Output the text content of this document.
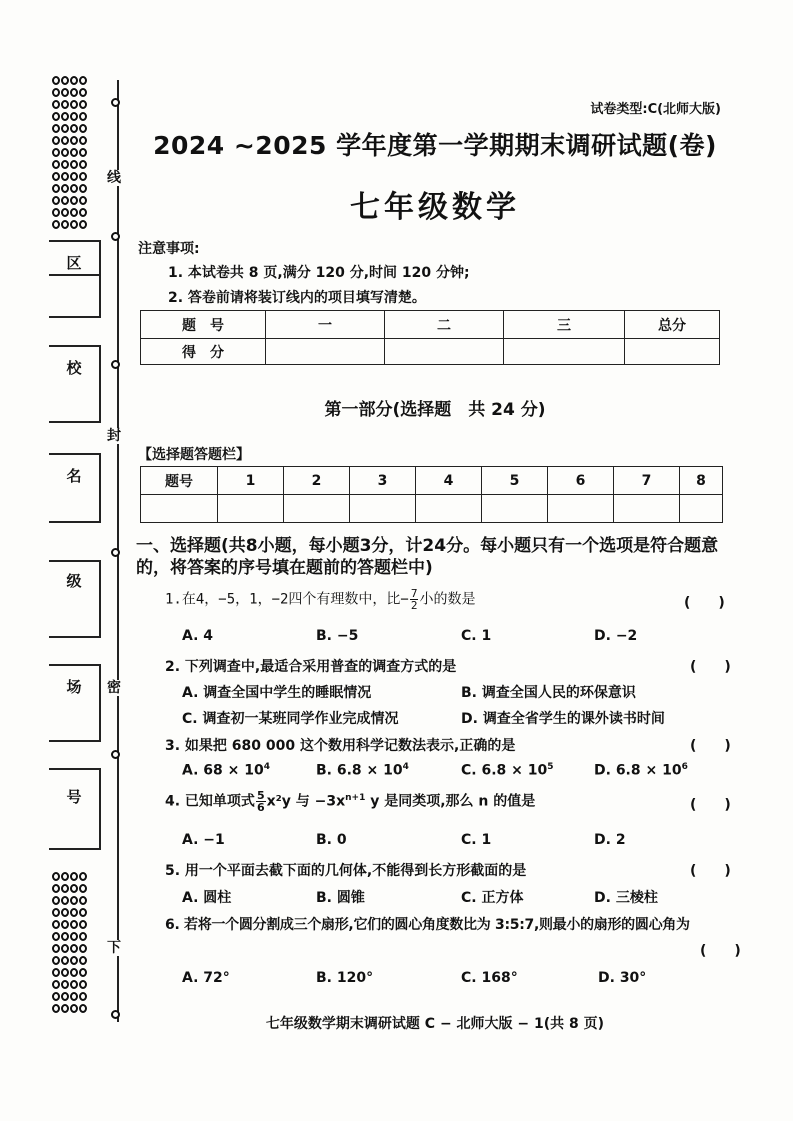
线
封
密
下
区
校
名
级
场
号
试卷类型:C(北师大版)
2024 ~2025 学年度第一学期期末调研试题(卷)
七年级数学
注意事项:
1. 本试卷共 8 页,满分 120 分,时间 120 分钟;
2. 答卷前请将装订线内的项目填写清楚。
题　号	一	二	三	总分
得　分				
第一部分(选择题　共 24 分)
【选择题答题栏】
题号	1	2	3	4	5	6	7	8

一、选择题(共8小题，每小题3分，计24分。每小题只有一个选项是符合题意的，将答案的序号填在题前的答题栏中)
1.在4，−5，1，−2四个有理数中，比− $\frac{7}{2}$ 小的数是	(　　)
A. 4	B. −5	C. 1	D. −2
2. 下列调查中,最适合采用普查的调查方式的是	(　　)
A. 调查全国中学生的睡眠情况	B. 调查全国人民的环保意识
C. 调查初一某班同学作业完成情况	D. 调查全省学生的课外读书时间
3. 如果把 680 000 这个数用科学记数法表示,正确的是	(　　)
A. $68 \times 10^4$	B. $6.8 \times 10^4$	C. $6.8 \times 10^5$	D. $6.8 \times 10^6$
4. 已知单项式 $\frac{5}{6} x^2y$ 与 $-3x^{n+1}$ y 是同类项,那么 n 的值是	(　　)
A. −1	B. 0	C. 1	D. 2
5. 用一个平面去截下面的几何体,不能得到长方形截面的是	(　　)
A. 圆柱	B. 圆锥	C. 正方体	D. 三棱柱
6. 若将一个圆分割成三个扇形,它们的圆心角度数比为 3:5:7,则最小的扇形的圆心角为
(　　)
A. 72°	B. 120°	C. 168°	D. 30°
七年级数学期末调研试题 C − 北师大版 − 1(共 8 页)
